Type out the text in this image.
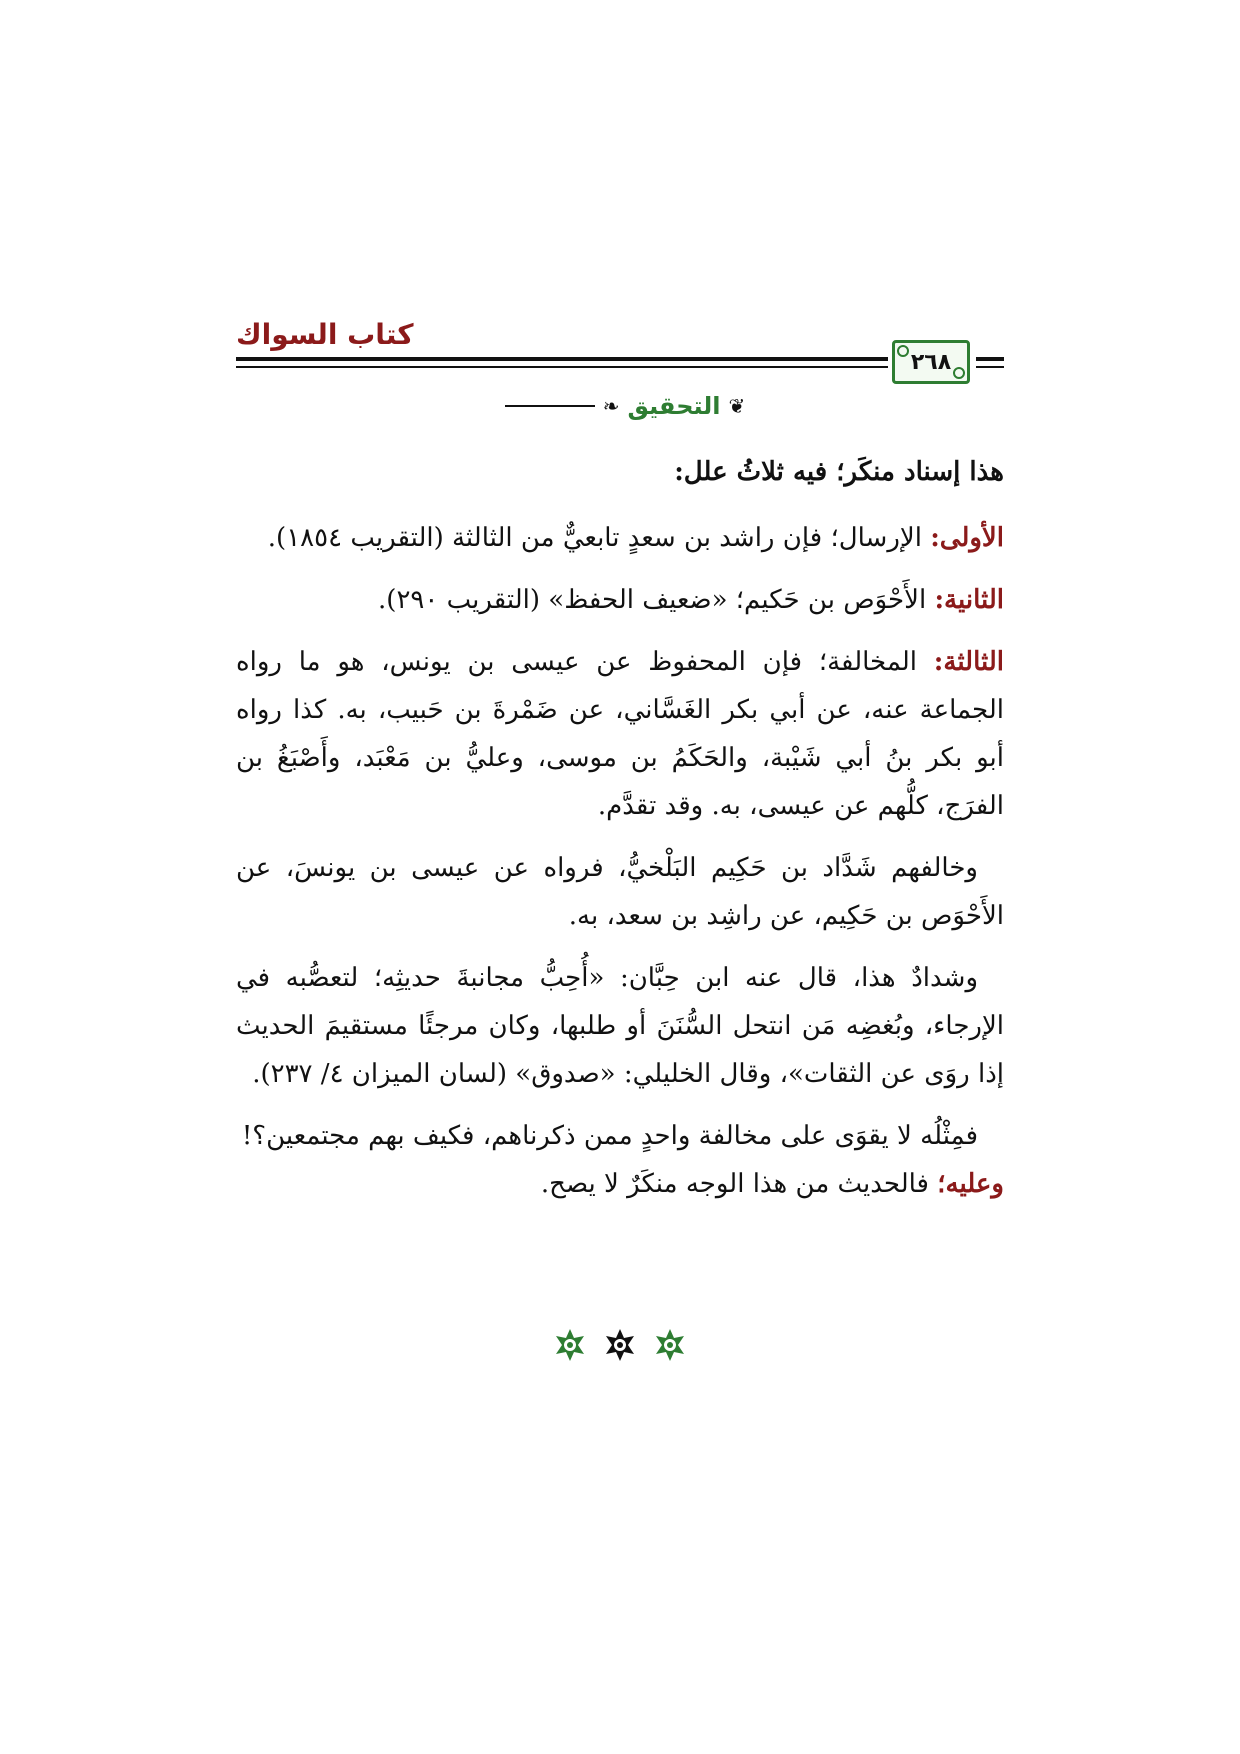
كتاب السواك
٢٦٨
❦
التحقيق
❧

هذا إسناد منكَر؛ فيه ثلاثُ علل:

الأولى: الإرسال؛ فإن راشد بن سعدٍ تابعيٌّ من الثالثة (التقريب ١٨٥٤).

الثانية: الأَحْوَص بن حَكيم؛ «ضعيف الحفظ» (التقريب ٢٩٠).

الثالثة: المخالفة؛ فإن المحفوظ عن عيسى بن يونس، هو ما رواه الجماعة عنه، عن أبي بكر الغَسَّاني، عن ضَمْرةَ بن حَبيب، به. كذا رواه أبو بكر بنُ أبي شَيْبة، والحَكَمُ بن موسى، وعليُّ بن مَعْبَد، وأَصْبَغُ بن الفرَج، كلُّهم عن عيسى، به. وقد تقدَّم.

وخالفهم شَدَّاد بن حَكِيم البَلْخيُّ، فرواه عن عيسى بن يونسَ، عن الأَحْوَص بن حَكِيم، عن راشِد بن سعد، به.

وشدادٌ هذا، قال عنه ابن حِبَّان: «أُحِبُّ مجانبةَ حديثِه؛ لتعصُّبه في الإرجاء، وبُغضِه مَن انتحل السُّنَنَ أو طلبها، وكان مرجئًا مستقيمَ الحديث إذا روَى عن الثقات»، وقال الخليلي: «صدوق» (لسان الميزان ٤/ ٢٣٧).

فمِثْلُه لا يقوَى على مخالفة واحدٍ ممن ذكرناهم، فكيف بهم مجتمعين؟!

وعليه؛ فالحديث من هذا الوجه منكَرٌ لا يصح.
